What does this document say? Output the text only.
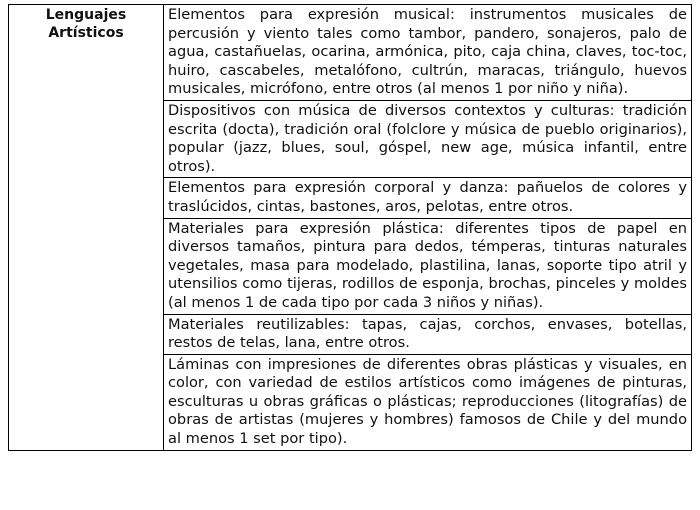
Lenguajes Artísticos	Elementos para expresión musical: instrumentos musicales de percusión y viento tales como tambor, pandero, sonajeros, palo de agua, castañuelas, ocarina, armónica, pito, caja china, claves, toc-toc, huiro, cascabeles, metalófono, cultrún, maracas, triángulo, huevos musicales, micrófono, entre otros (al menos 1 por niño y niña).
Dispositivos con música de diversos contextos y culturas: tradición escrita (docta), tradición oral (folclore y música de pueblo originarios), popular (jazz, blues, soul, góspel, new age, música infantil, entre otros).
Elementos para expresión corporal y danza: pañuelos de colores y traslúcidos, cintas, bastones, aros, pelotas, entre otros.
Materiales para expresión plástica: diferentes tipos de papel en diversos tamaños, pintura para dedos, témperas, tinturas naturales vegetales, masa para modelado, plastilina, lanas, soporte tipo atril y utensilios como tijeras, rodillos de esponja, brochas, pinceles y moldes (al menos 1 de cada tipo por cada 3 niños y niñas).
Materiales reutilizables: tapas, cajas, corchos, envases, botellas, restos de telas, lana, entre otros.
Láminas con impresiones de diferentes obras plásticas y visuales, en color, con variedad de estilos artísticos como imágenes de pinturas, esculturas u obras gráficas o plásticas; reproducciones (litografías) de obras de artistas (mujeres y hombres) famosos de Chile y del mundo al menos 1 set por tipo).
